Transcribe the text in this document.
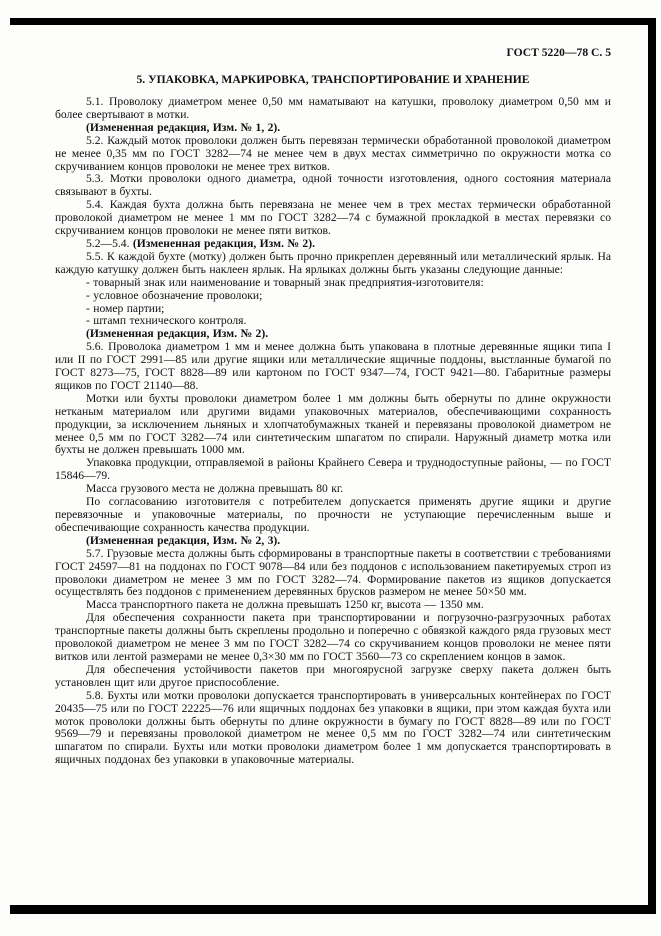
ГОСТ 5220—78 С. 5
5. УПАКОВКА, МАРКИРОВКА, ТРАНСПОРТИРОВАНИЕ И ХРАНЕНИЕ

5.1. Проволоку диаметром менее 0,50 мм наматывают на катушки, проволоку диаметром 0,50 мм и более свертывают в мотки.

(Измененная редакция, Изм. № 1, 2).

5.2. Каждый моток проволоки должен быть перевязан термически обработанной проволокой диаметром не менее 0,35 мм по ГОСТ 3282—74 не менее чем в двух местах симметрично по окружности мотка со скручиванием концов проволоки не менее трех витков.

5.3. Мотки проволоки одного диаметра, одной точности изготовления, одного состояния материала связывают в бухты.

5.4. Каждая бухта должна быть перевязана не менее чем в трех местах термически обработанной проволокой диаметром не менее 1 мм по ГОСТ 3282—74 с бумажной прокладкой в местах перевязки со скручиванием концов проволоки не менее пяти витков.

5.2—5.4. (Измененная редакция, Изм. № 2).

5.5. К каждой бухте (мотку) должен быть прочно прикреплен деревянный или металлический ярлык. На каждую катушку должен быть наклеен ярлык. На ярлыках должны быть указаны следующие данные:

- товарный знак или наименование и товарный знак предприятия-изготовителя:

- условное обозначение проволоки;

- номер партии;

- штамп технического контроля.

(Измененная редакция, Изм. № 2).

5.6. Проволока диаметром 1 мм и менее должна быть упакована в плотные деревянные ящики типа I или II по ГОСТ 2991—85 или другие ящики или металлические ящичные поддоны, выстланные бумагой по ГОСТ 8273—75, ГОСТ 8828—89 или картоном по ГОСТ 9347—74, ГОСТ 9421—80. Габаритные размеры ящиков по ГОСТ 21140—88.

Мотки или бухты проволоки диаметром более 1 мм должны быть обернуты по длине окружности нетканым материалом или другими видами упаковочных материалов, обеспечивающими сохранность продукции, за исключением льняных и хлопчатобумажных тканей и перевязаны проволокой диаметром не менее 0,5 мм по ГОСТ 3282—74 или синтетическим шпагатом по спирали. Наружный диаметр мотка или бухты не должен превышать 1000 мм.

Упаковка продукции, отправляемой в районы Крайнего Севера и труднодоступные районы, — по ГОСТ 15846—79.

Масса грузового места не должна превышать 80 кг.

По согласованию изготовителя с потребителем допускается применять другие ящики и другие перевязочные и упаковочные материалы, по прочности не уступающие перечисленным выше и обеспечивающие сохранность качества продукции.

(Измененная редакция, Изм. № 2, 3).

5.7. Грузовые места должны быть сформированы в транспортные пакеты в соответствии с требованиями ГОСТ 24597—81 на поддонах по ГОСТ 9078—84 или без поддонов с использованием пакетируемых строп из проволоки диаметром не менее 3 мм по ГОСТ 3282—74. Формирование пакетов из ящиков допускается осуществлять без поддонов с применением деревянных брусков размером не менее 50×50 мм.

Масса транспортного пакета не должна превышать 1250 кг, высота — 1350 мм.

Для обеспечения сохранности пакета при транспортировании и погрузочно-разгрузочных работах транспортные пакеты должны быть скреплены продольно и поперечно с обвязкой каждого ряда грузовых мест проволокой диаметром не менее 3 мм по ГОСТ 3282—74 со скручиванием концов проволоки не менее пяти витков или лентой размерами не менее 0,3×30 мм по ГОСТ 3560—73 со скреплением концов в замок.

Для обеспечения устойчивости пакетов при многоярусной загрузке сверху пакета должен быть установлен щит или другое приспособление.

5.8. Бухты или мотки проволоки допускается транспортировать в универсальных контейнерах по ГОСТ 20435—75 или по ГОСТ 22225—76 или ящичных поддонах без упаковки в ящики, при этом каждая бухта или моток проволоки должны быть обернуты по длине окружности в бумагу по ГОСТ 8828—89 или по ГОСТ 9569—79 и перевязаны проволокой диаметром не менее 0,5 мм по ГОСТ 3282—74 или синтетическим шпагатом по спирали. Бухты или мотки проволоки диаметром более 1 мм допускается транспортировать в ящичных поддонах без упаковки в упаковочные материалы.
